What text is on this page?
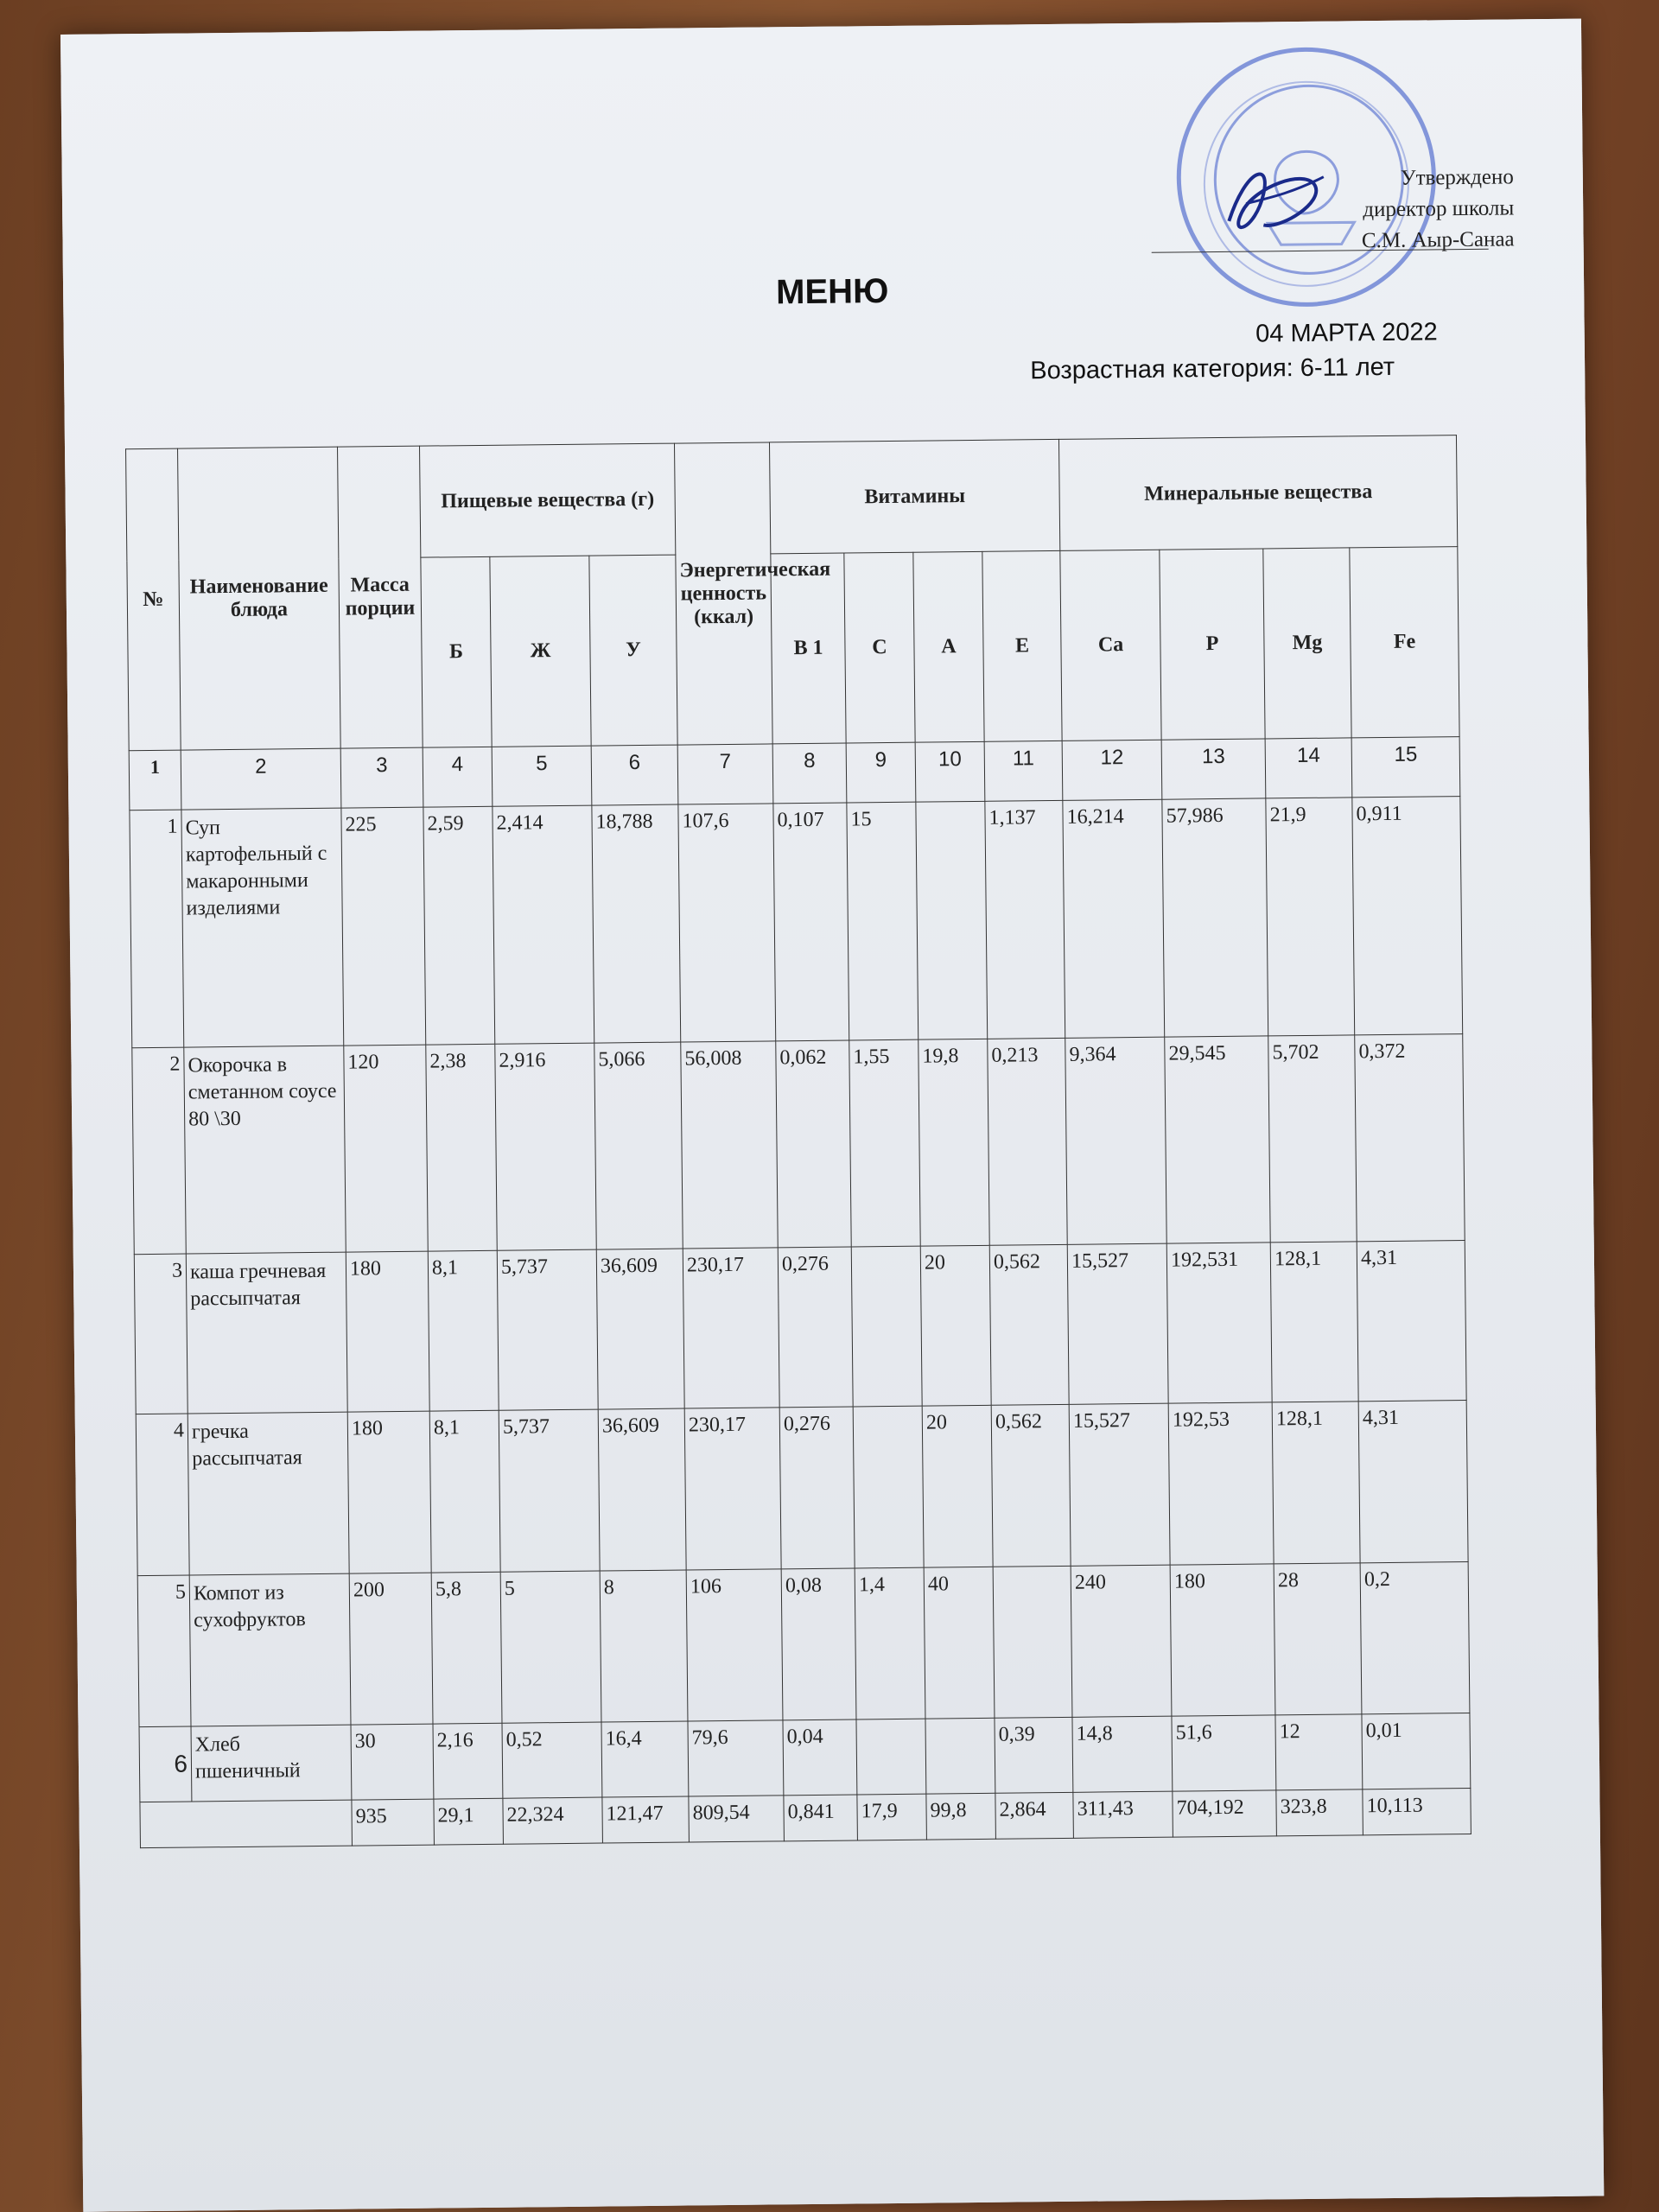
Утверждено
директор школы
С.М. Аыр-Санаа
МЕНЮ
04 МАРТА 2022
Возрастная категория: 6-11 лет
№	Наименование блюда	Масса порции	Пищевые вещества (г)			Энергетическая ценность (ккал)	Витамины				Минеральные вещества			
			Б	Ж	У		В 1	С	А	Е	Ca	P	Mg	Fe
1	2	3	4	5	6	7	8	9	10	11	12	13	14	15
1	Суп картофельный с макаронными изделиями	225	2,59	2,414	18,788	107,6	0,107	15		1,137	16,214	57,986	21,9	0,911
2	Окорочка в сметанном соусе 80 \30	120	2,38	2,916	5,066	56,008	0,062	1,55	19,8	0,213	9,364	29,545	5,702	0,372
3	каша гречневая рассыпчатая	180	8,1	5,737	36,609	230,17	0,276		20	0,562	15,527	192,531	128,1	4,31
4	гречка рассыпчатая	180	8,1	5,737	36,609	230,17	0,276		20	0,562	15,527	192,53	128,1	4,31
5	Компот из сухофруктов	200	5,8	5	8	106	0,08	1,4	40		240	180	28	0,2
6	Хлеб пшеничный	30	2,16	0,52	16,4	79,6	0,04			0,39	14,8	51,6	12	0,01
		935	29,1	22,324	121,47	809,54	0,841	17,9	99,8	2,864	311,43	704,192	323,8	10,113
